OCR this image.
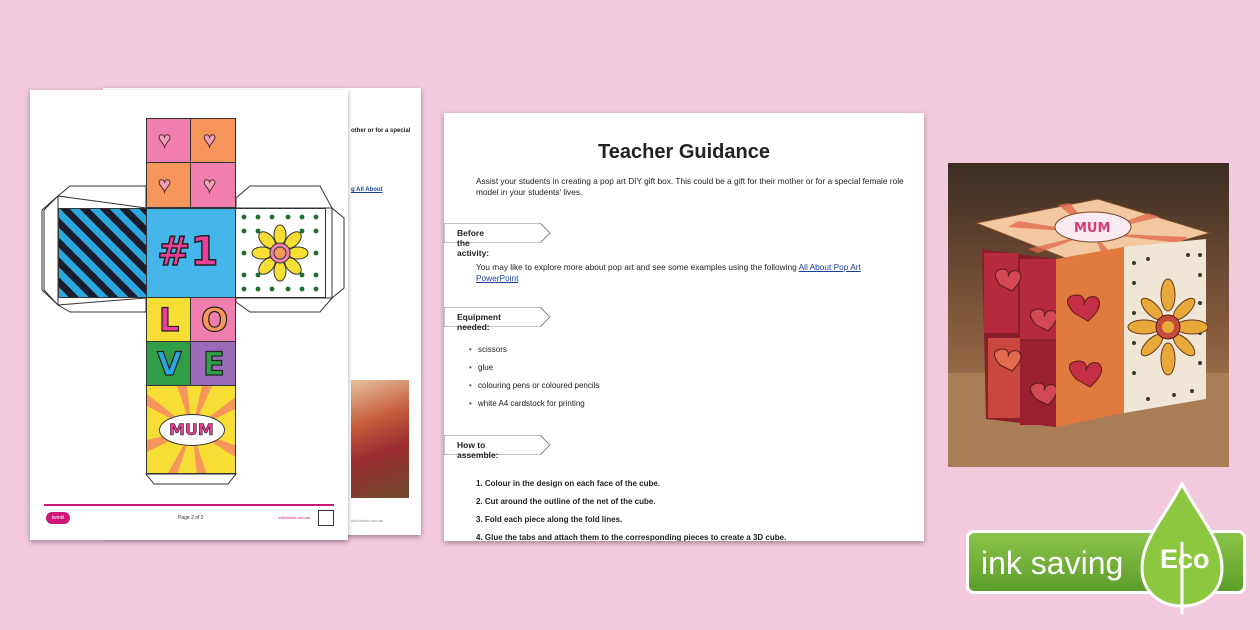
other or for a special
g All About
visit twinkl.com.au
♥ ♥
♥ ♥
#1
L O
V E
MUM
twinkl	Page 2 of 2	visit twinkl.com.au
Teacher Guidance
Assist your students in creating a pop art DIY gift box. This could be a gift for their mother or for a special female role model in your students' lives.
Before the activity:
You may like to explore more about pop art and see some examples using the following All About Pop Art PowerPoint
Equipment needed:
• scissors
• glue
• colouring pens or coloured pencils
• white A4 cardstock for printing
How to assemble:
1. Colour in the design on each face of the cube.
2. Cut around the outline of the net of the cube.
3. Fold each piece along the fold lines.
4. Glue the tabs and attach them to the corresponding pieces to create a 3D cube.
MUM
ink saving Eco
